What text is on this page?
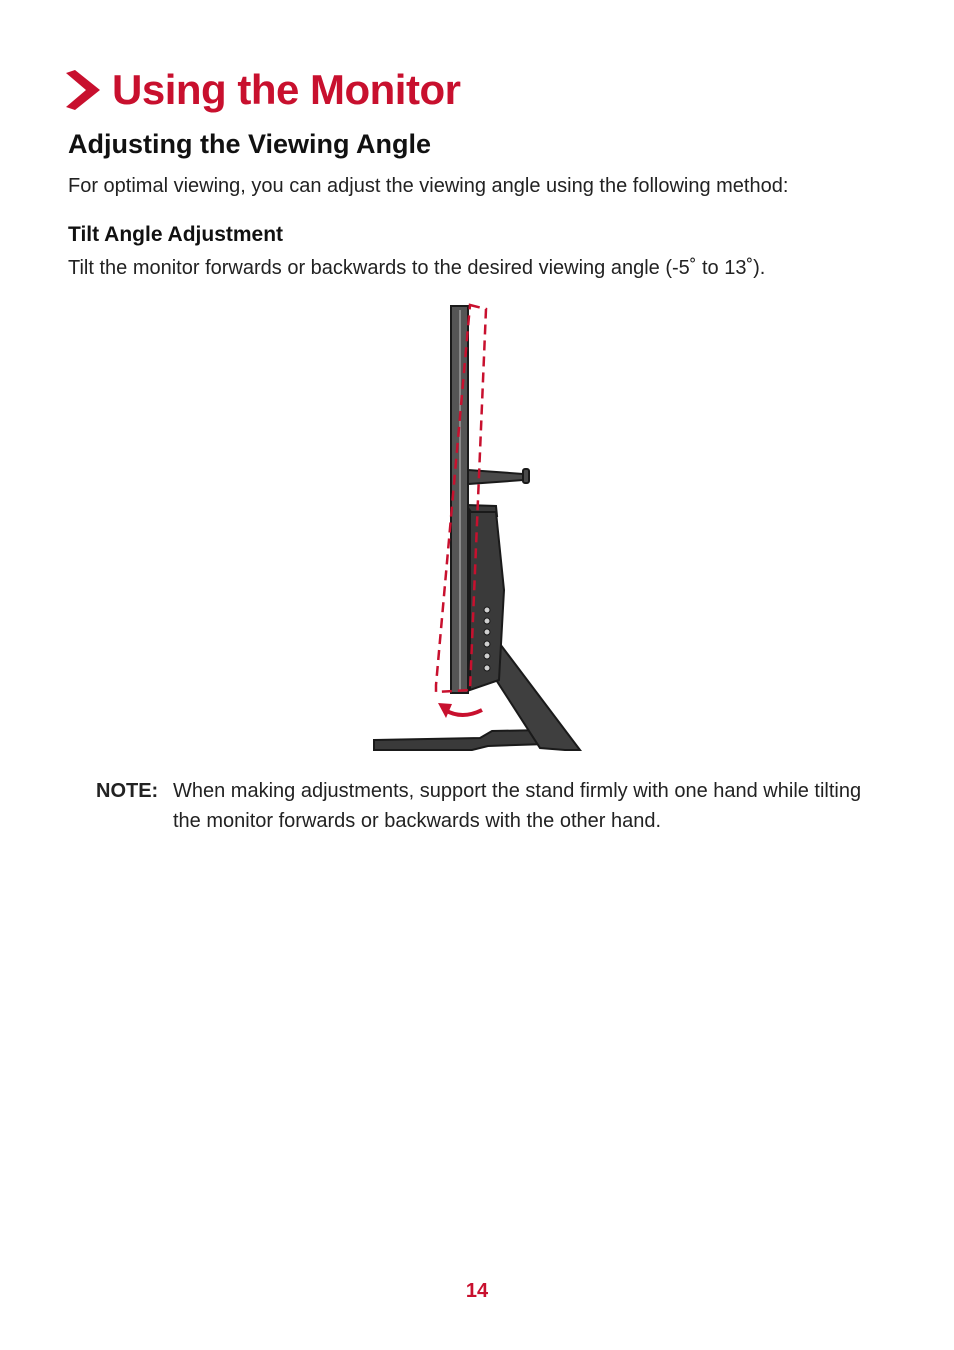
Using the Monitor
Adjusting the Viewing Angle
For optimal viewing, you can adjust the viewing angle using the following method:
Tilt Angle Adjustment
Tilt the monitor forwards or backwards to the desired viewing angle (-5˚ to 13˚).
NOTE: When making adjustments, support the stand firmly with one hand while tilting the monitor forwards or backwards with the other hand.
14
